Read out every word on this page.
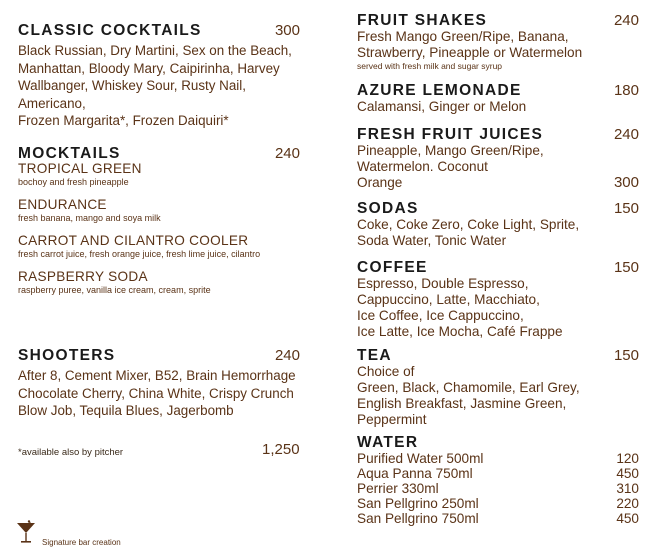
CLASSIC COCKTAILS	300
Black Russian, Dry Martini, Sex on the Beach,
Manhattan, Bloody Mary, Caipirinha, Harvey
Wallbanger, Whiskey Sour, Rusty Nail, Americano,
Frozen Margarita*, Frozen Daiquiri*
MOCKTAILS	240
TROPICAL GREEN
bochoy and fresh pineapple
ENDURANCE
fresh banana, mango and soya milk
CARROT AND CILANTRO COOLER
fresh carrot juice, fresh orange juice, fresh lime juice, cilantro
RASPBERRY SODA
raspberry puree, vanilla ice cream, cream, sprite
SHOOTERS	240
After 8, Cement Mixer, B52, Brain Hemorrhage
Chocolate Cherry, China White, Crispy Crunch
Blow Job, Tequila Blues, Jagerbomb
*available also by pitcher	1,250
Signature bar creation
FRUIT SHAKES	240
Fresh Mango Green/Ripe, Banana,
Strawberry, Pineapple or Watermelon
served with fresh milk and sugar syrup
AZURE LEMONADE	180
Calamansi, Ginger or Melon
FRESH FRUIT JUICES	240
Pineapple, Mango Green/Ripe,
Watermelon. Coconut
Orange	300
SODAS	150
Coke, Coke Zero, Coke Light, Sprite,
Soda Water, Tonic Water
COFFEE	150
Espresso, Double Espresso,
Cappuccino, Latte, Macchiato,
Ice Coffee, Ice Cappuccino,
Ice Latte, Ice Mocha, Café Frappe
TEA	150
Choice of
Green, Black, Chamomile, Earl Grey,
English Breakfast, Jasmine Green,
Peppermint
WATER
Purified Water 500ml	120
Aqua Panna 750ml	450
Perrier 330ml	310
San Pellgrino 250ml	220
San Pellgrino 750ml	450
